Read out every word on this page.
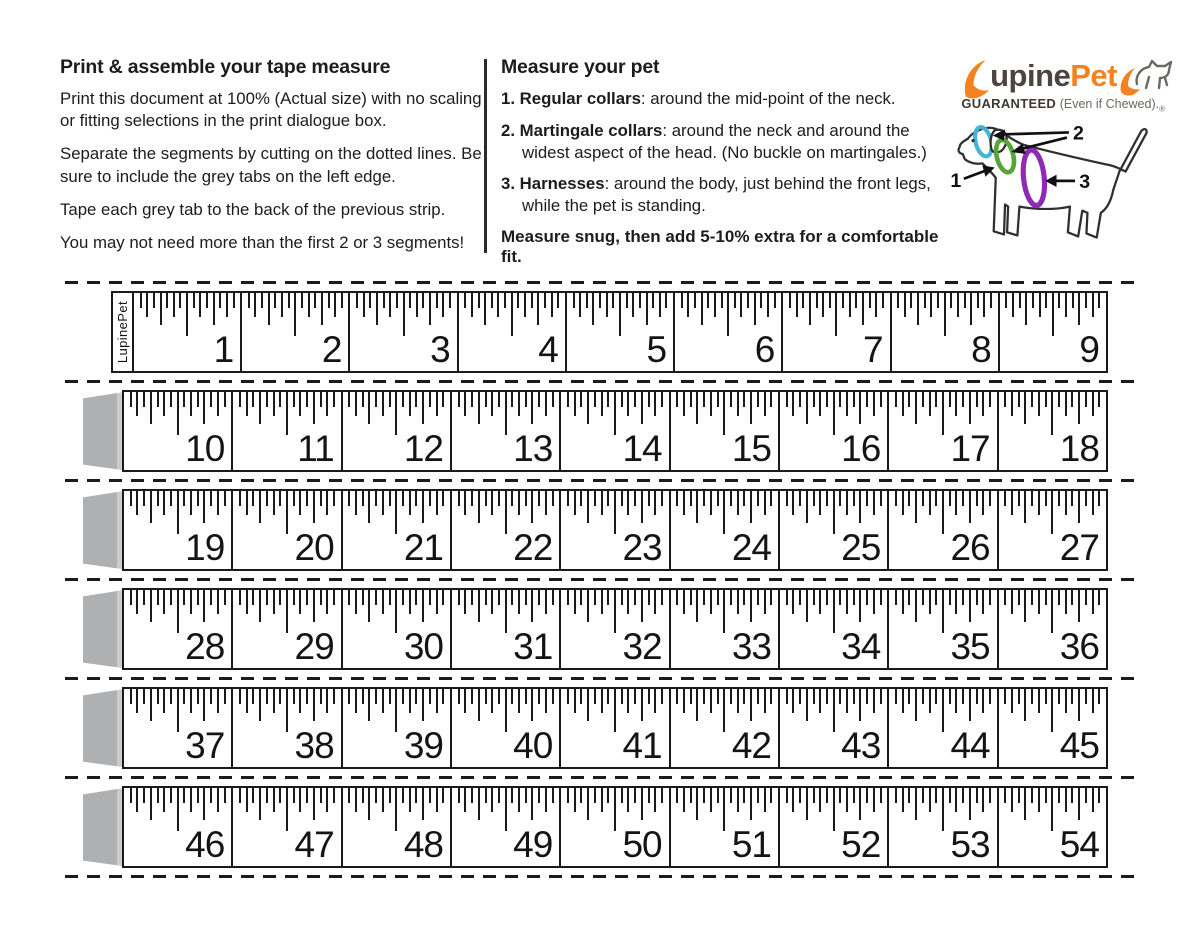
Print & assemble your tape measure

Print this document at 100% (Actual size) with no scaling or fitting selections in the print dialogue box.

Separate the segments by cutting on the dotted lines. Be sure to include the grey tabs on the left edge.

Tape each grey tab to the back of the previous strip.

You may not need more than the first 2 or 3 segments!

Measure your pet
1. Regular collars: around the mid-point of the neck.
2. Martingale collars: around the neck and around the widest aspect of the head. (No buckle on martingales.)
3. Harnesses: around the body, just behind the front legs, while the pet is standing.

Measure snug, then add 5-10% extra for a comfortable fit.

upine Pet
GUARANTEED (Even if $Chewed)._®$
2
1	3
LupinePet 1 2 3 4 5 6 7 8 9
10 11 12 13 14 15 16 17 18
19 20 21 22 23 24 25 26 27
28 29 30 31 32 33 34 35 36
37 38 39 40 41 42 43 44 45
46 47 48 49 50 51 52 53 54
